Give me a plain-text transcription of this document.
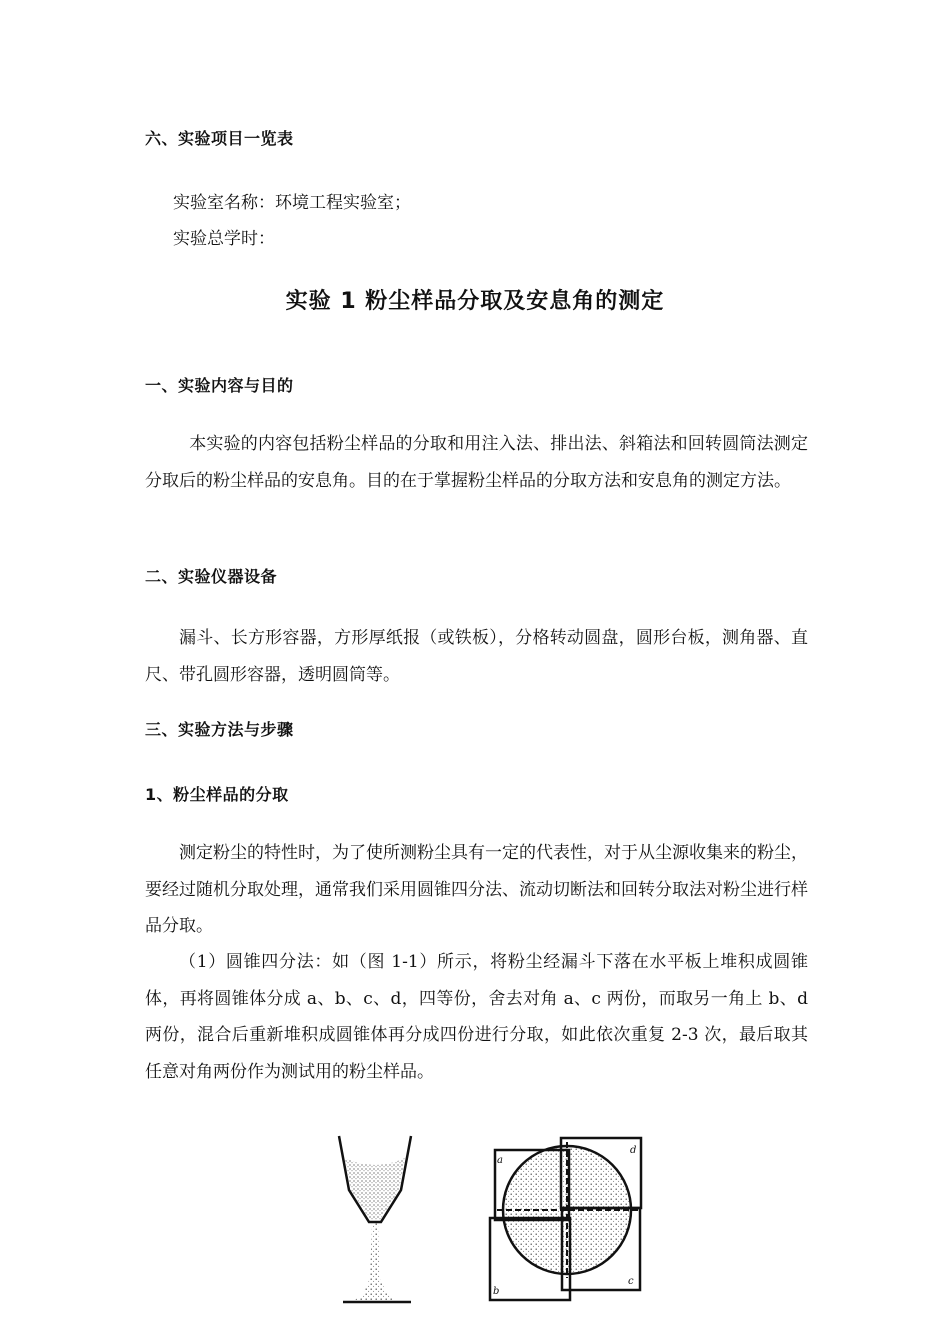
六、实验项目一览表
实验室名称：环境工程实验室；
实验总学时：
实验 1 粉尘样品分取及安息角的测定
一、实验内容与目的
本实验的内容包括粉尘样品的分取和用注入法、排出法、斜箱法和回转圆筒法测定分取后的粉尘样品的安息角。目的在于掌握粉尘样品的分取方法和安息角的测定方法。
二、实验仪器设备
漏斗、长方形容器，方形厚纸报（或铁板），分格转动圆盘，圆形台板，测角器、直尺、带孔圆形容器，透明圆筒等。
三、实验方法与步骤
1、粉尘样品的分取
测定粉尘的特性时，为了使所测粉尘具有一定的代表性，对于从尘源收集来的粉尘，要经过随机分取处理，通常我们采用圆锥四分法、流动切断法和回转分取法对粉尘进行样品分取。
（1）圆锥四分法：如（图 1-1）所示，将粉尘经漏斗下落在水平板上堆积成圆锥体，再将圆锥体分成 a、b、c、d，四等份，舍去对角 a、c 两份，而取另一角上 b、d 两份，混合后重新堆积成圆锥体再分成四份进行分取，如此依次重复 2-3 次，最后取其任意对角两份作为测试用的粉尘样品。
a
d
b
c
